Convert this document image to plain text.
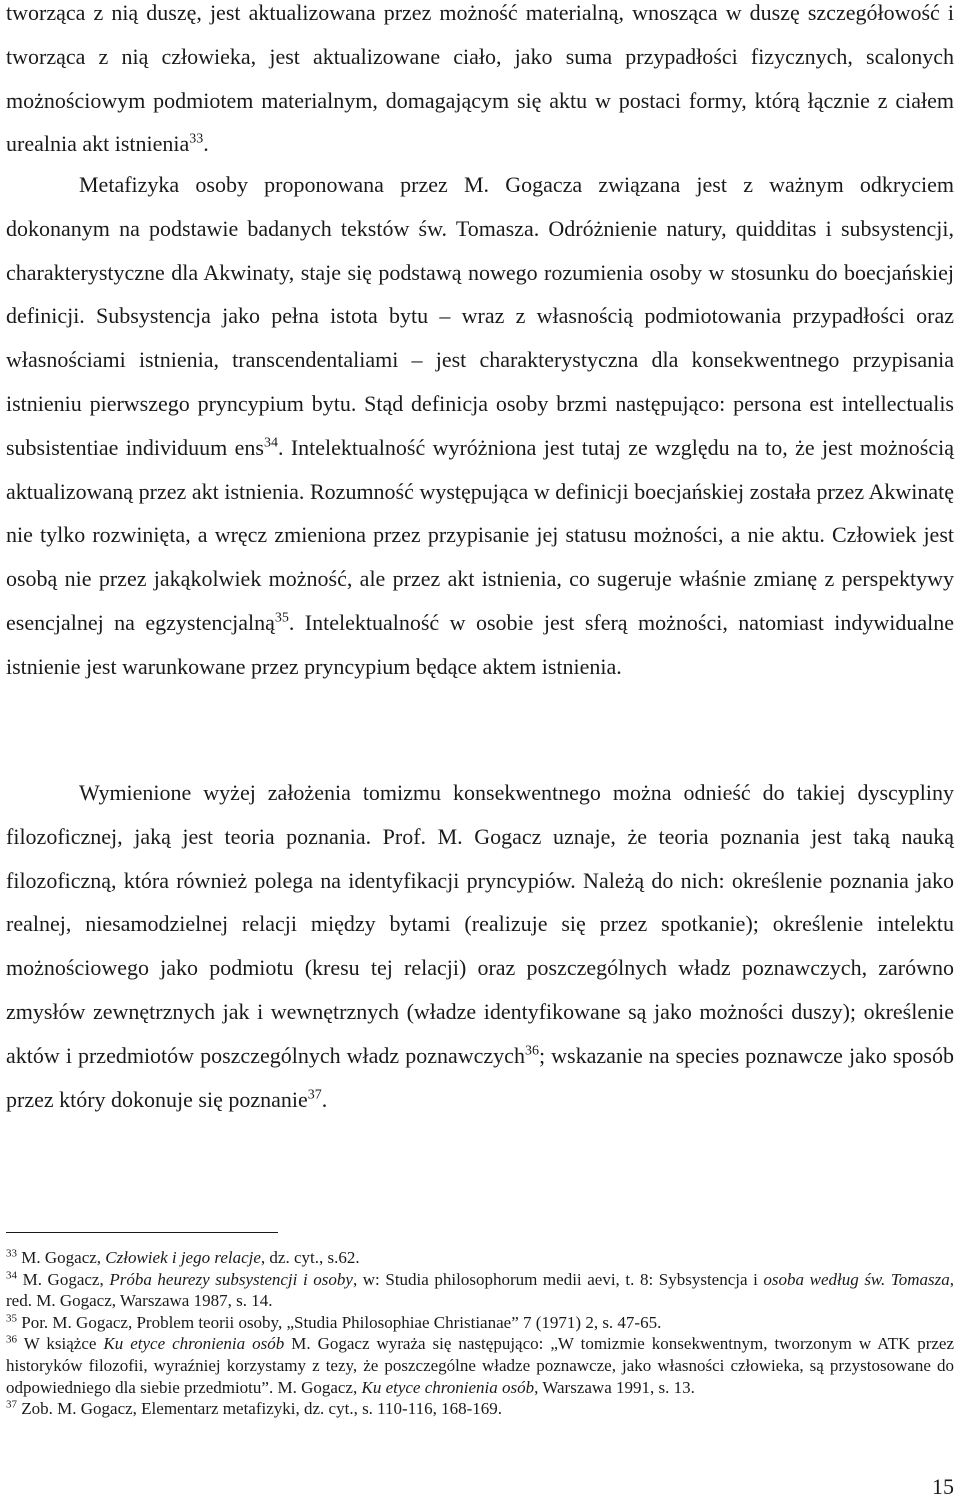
tworząca z nią duszę, jest aktualizowana przez możność materialną, wnosząca w duszę szczegółowość i tworząca z nią człowieka, jest aktualizowane ciało, jako suma przypadłości fizycznych, scalonych możnościowym podmiotem materialnym, domagającym się aktu w postaci formy, którą łącznie z ciałem urealnia akt istnienia$^{33}$.

Metafizyka osoby proponowana przez M. Gogacza związana jest z ważnym odkryciem dokonanym na podstawie badanych tekstów św. Tomasza. Odróżnienie natury, quidditas i subsystencji, charakterystyczne dla Akwinaty, staje się podstawą nowego rozumienia osoby w stosunku do boecjańskiej definicji. Subsystencja jako pełna istota bytu – wraz z własnością podmiotowania przypadłości oraz własnościami istnienia, transcendentaliami – jest charakterystyczna dla konsekwentnego przypisania istnieniu pierwszego pryncypium bytu. Stąd definicja osoby brzmi następująco: persona est intellectualis subsistentiae individuum ens$^{34}$. Intelektualność wyróżniona jest tutaj ze względu na to, że jest możnością aktualizowaną przez akt istnienia. Rozumność występująca w definicji boecjańskiej została przez Akwinatę nie tylko rozwinięta, a wręcz zmieniona przez przypisanie jej statusu możności, a nie aktu. Człowiek jest osobą nie przez jakąkolwiek możność, ale przez akt istnienia, co sugeruje właśnie zmianę z perspektywy esencjalnej na egzystencjalną$^{35}$. Intelektualność w osobie jest sferą możności, natomiast indywidualne istnienie jest warunkowane przez pryncypium będące aktem istnienia.

Wymienione wyżej założenia tomizmu konsekwentnego można odnieść do takiej dyscypliny filozoficznej, jaką jest teoria poznania. Prof. M. Gogacz uznaje, że teoria poznania jest taką nauką filozoficzną, która również polega na identyfikacji pryncypiów. Należą do nich: określenie poznania jako realnej, niesamodzielnej relacji między bytami (realizuje się przez spotkanie); określenie intelektu możnościowego jako podmiotu (kresu tej relacji) oraz poszczególnych władz poznawczych, zarówno zmysłów zewnętrznych jak i wewnętrznych (władze identyfikowane są jako możności duszy); określenie aktów i przedmiotów poszczególnych władz poznawczych$^{36}$; wskazanie na species poznawcze jako sposób przez który dokonuje się poznanie$^{37}$.

$^{33}$ M. Gogacz, Człowiek i jego relacje, dz. cyt., s.62.

$^{34}$ M. Gogacz, Próba heurezy subsystencji i osoby, w: Studia philosophorum medii aevi, t. 8: Sybsystencja i osoba według św. Tomasza, red. M. Gogacz, Warszawa 1987, s. 14.

$^{35}$ Por. M. Gogacz, Problem teorii osoby, „Studia Philosophiae Christianae” 7 (1971) 2, s. 47-65.

$^{36}$ W książce Ku etyce chronienia osób M. Gogacz wyraża się następująco: „W tomizmie konsekwentnym, tworzonym w ATK przez historyków filozofii, wyraźniej korzystamy z tezy, że poszczególne władze poznawcze, jako własności człowieka, są przystosowane do odpowiedniego dla siebie przedmiotu”. M. Gogacz, Ku etyce chronienia osób, Warszawa 1991, s. 13.

$^{37}$ Zob. M. Gogacz, Elementarz metafizyki, dz. cyt., s. 110-116, 168-169.

15
